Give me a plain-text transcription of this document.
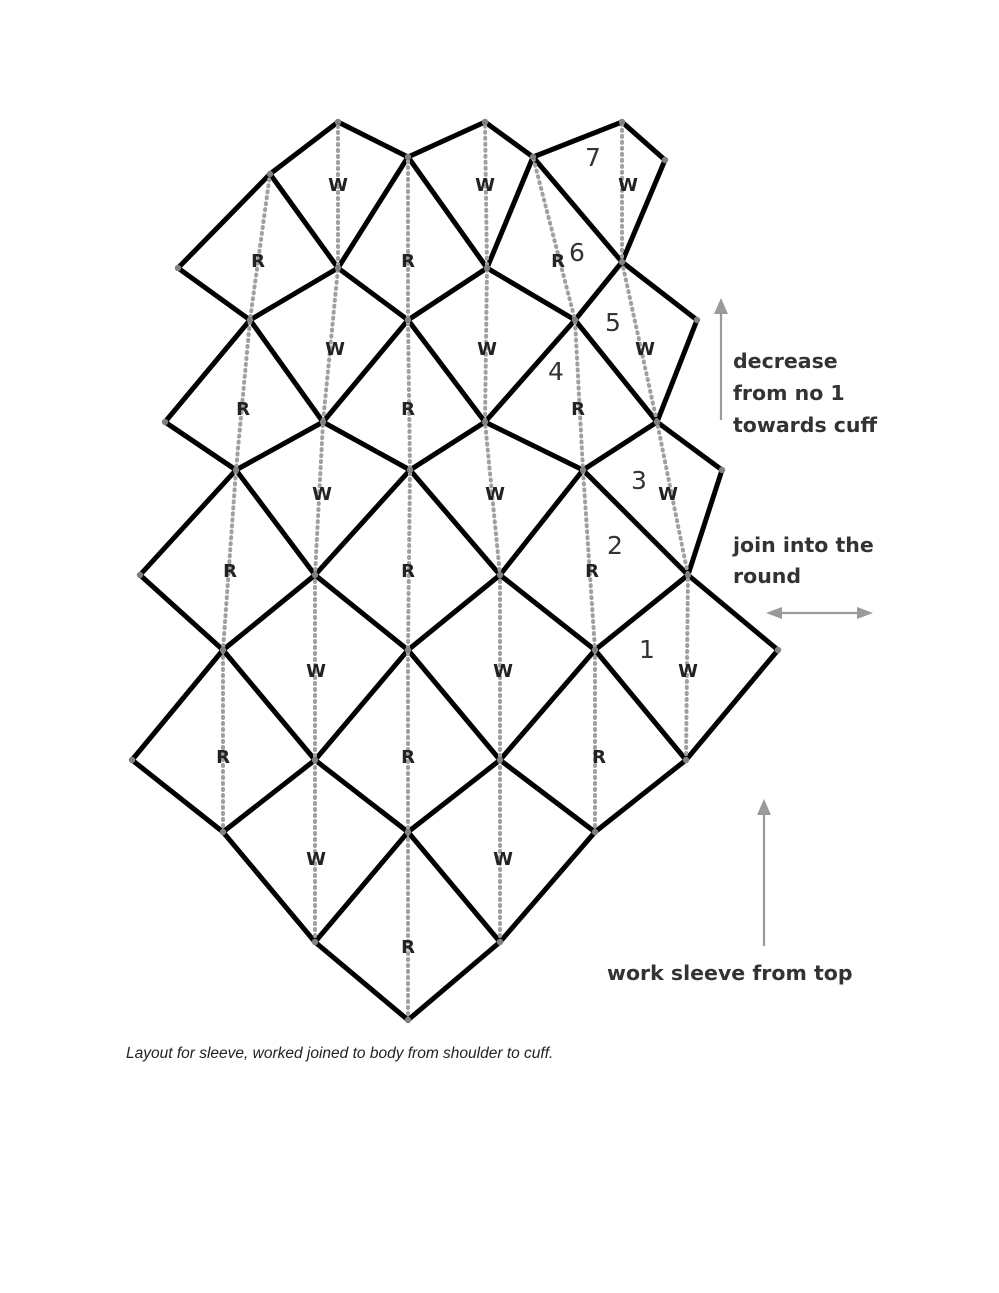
W	W	W
R	R	R
W	W	W
R	R	R
W	W	W
R	R	R
W	W	W
R	R	R
W	W
R
1
2
3
4
5
6
7
decrease
from no 1
towards cuff
join into the
round
work sleeve from top

Layout for sleeve, worked joined to body from shoulder to cuff.
